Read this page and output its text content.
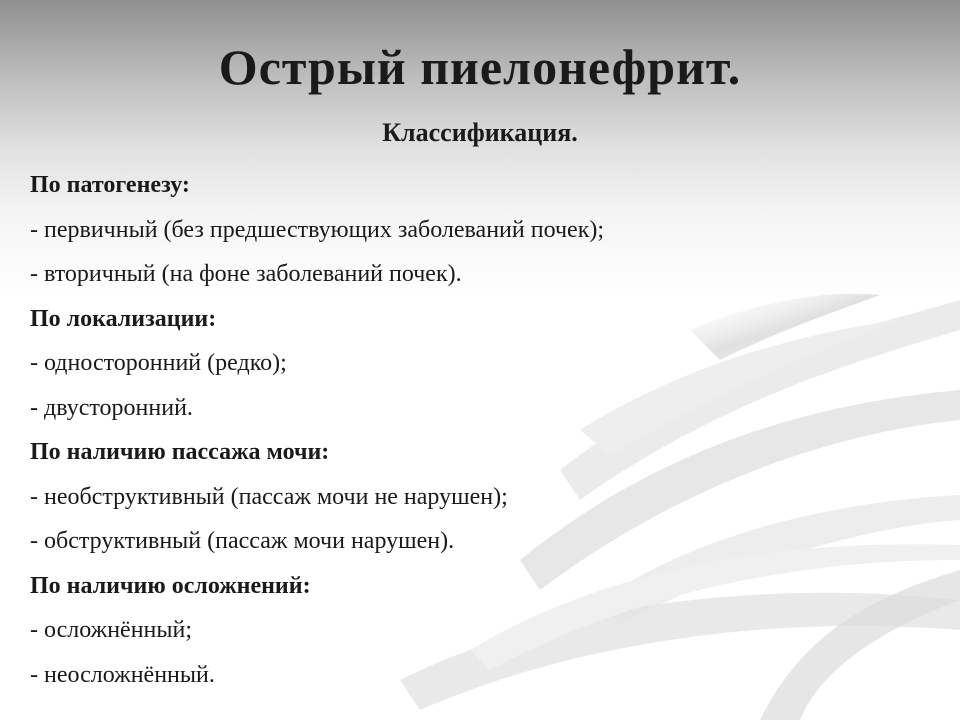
Острый пиелонефрит.
Классификация.
По патогенезу:
- первичный (без предшествующих заболеваний почек);
- вторичный (на фоне заболеваний почек).
По локализации:
- односторонний (редко);
- двусторонний.
По наличию пассажа мочи:
- необструктивный (пассаж мочи не нарушен);
- обструктивный (пассаж мочи нарушен).
По наличию осложнений:
- осложнённый;
- неосложнённый.
